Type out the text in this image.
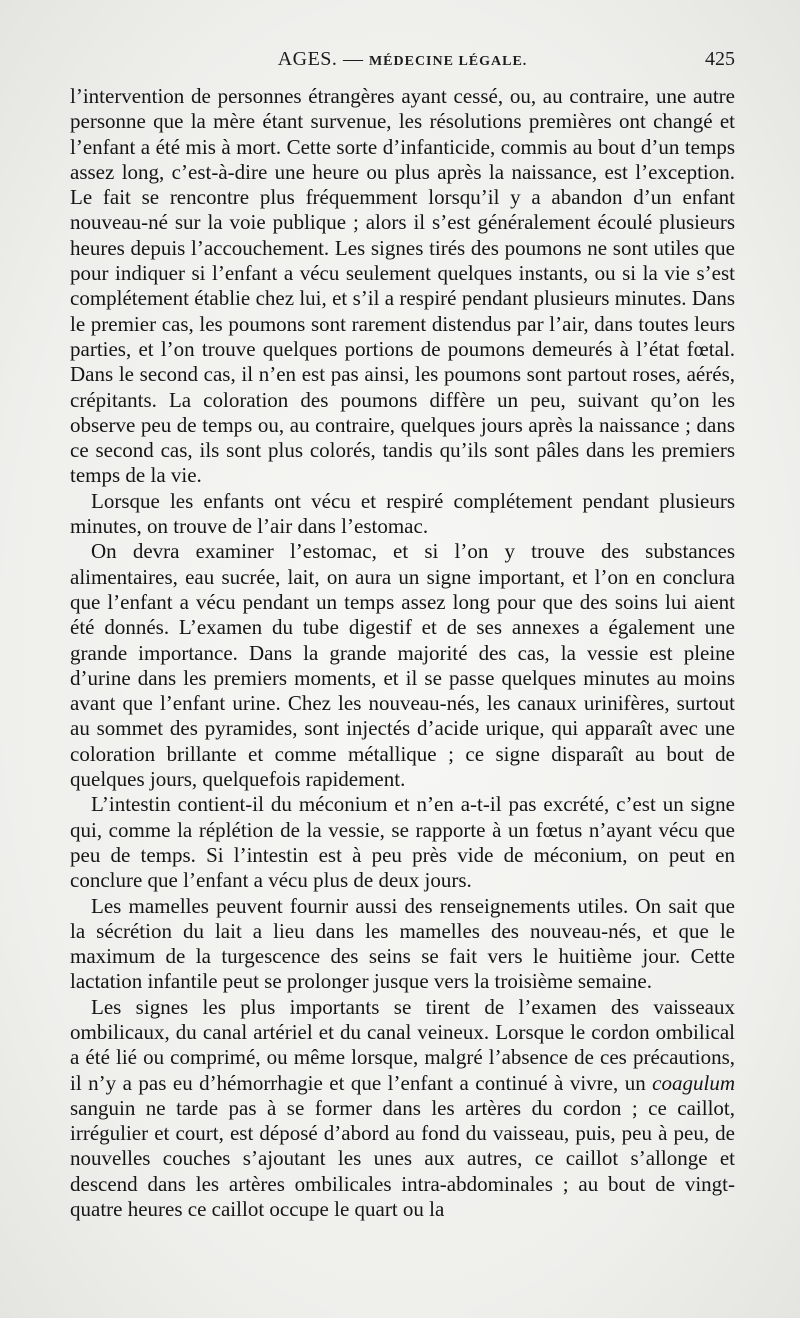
AGES. — MÉDECINE LÉGALE.	425

l’intervention de personnes étrangères ayant cessé, ou, au contraire, une autre personne que la mère étant survenue, les résolutions premières ont changé et l’enfant a été mis à mort. Cette sorte d’infanticide, commis au bout d’un temps assez long, c’est-à-dire une heure ou plus après la naissance, est l’exception. Le fait se rencontre plus fréquemment lorsqu’il y a abandon d’un enfant nouveau-né sur la voie publique ; alors il s’est généralement écoulé plusieurs heures depuis l’accouchement. Les signes tirés des poumons ne sont utiles que pour indiquer si l’enfant a vécu seulement quelques instants, ou si la vie s’est complétement établie chez lui, et s’il a respiré pendant plusieurs minutes. Dans le premier cas, les poumons sont rarement distendus par l’air, dans toutes leurs parties, et l’on trouve quelques portions de poumons demeurés à l’état fœtal. Dans le second cas, il n’en est pas ainsi, les poumons sont partout roses, aérés, crépitants. La coloration des poumons diffère un peu, suivant qu’on les observe peu de temps ou, au contraire, quelques jours après la naissance ; dans ce second cas, ils sont plus colorés, tandis qu’ils sont pâles dans les premiers temps de la vie.

Lorsque les enfants ont vécu et respiré complétement pendant plusieurs minutes, on trouve de l’air dans l’estomac.

On devra examiner l’estomac, et si l’on y trouve des substances alimentaires, eau sucrée, lait, on aura un signe important, et l’on en conclura que l’enfant a vécu pendant un temps assez long pour que des soins lui aient été donnés. L’examen du tube digestif et de ses annexes a également une grande importance. Dans la grande majorité des cas, la vessie est pleine d’urine dans les premiers moments, et il se passe quelques minutes au moins avant que l’enfant urine. Chez les nouveau-nés, les canaux urinifères, surtout au sommet des pyramides, sont injectés d’acide urique, qui apparaît avec une coloration brillante et comme métallique ; ce signe disparaît au bout de quelques jours, quelquefois rapidement.

L’intestin contient-il du méconium et n’en a-t-il pas excrété, c’est un signe qui, comme la réplétion de la vessie, se rapporte à un fœtus n’ayant vécu que peu de temps. Si l’intestin est à peu près vide de méconium, on peut en conclure que l’enfant a vécu plus de deux jours.

Les mamelles peuvent fournir aussi des renseignements utiles. On sait que la sécrétion du lait a lieu dans les mamelles des nouveau-nés, et que le maximum de la turgescence des seins se fait vers le huitième jour. Cette lactation infantile peut se prolonger jusque vers la troisième semaine.

Les signes les plus importants se tirent de l’examen des vaisseaux ombilicaux, du canal artériel et du canal veineux. Lorsque le cordon ombilical a été lié ou comprimé, ou même lorsque, malgré l’absence de ces précautions, il n’y a pas eu d’hémorrhagie et que l’enfant a continué à vivre, un coagulum sanguin ne tarde pas à se former dans les artères du cordon ; ce caillot, irrégulier et court, est déposé d’abord au fond du vaisseau, puis, peu à peu, de nouvelles couches s’ajoutant les unes aux autres, ce caillot s’allonge et descend dans les artères ombilicales intra-abdominales ; au bout de vingt-quatre heures ce caillot occupe le quart ou la
